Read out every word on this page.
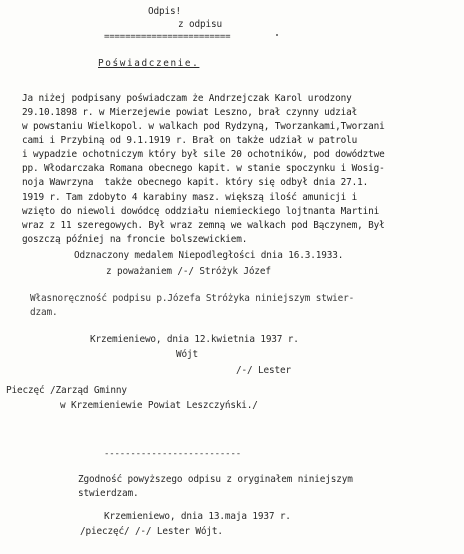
Odpis!
z odpisu
========================
Poświadczenie.
Ja niżej podpisany poświadczam że Andrzejczak Karol urodzony
29.10.1898 r. w Mierzejewie powiat Leszno, brał czynny udział
w powstaniu Wielkopol. w walkach pod Rydzyną, Tworzankami,Tworzani
cami i Przybiną od 9.1.1919 r. Brał on także udział w patrolu
i wypadzie ochotniczym który był sile 20 ochotników, pod dowództwe
pp. Włodarczaka Romana obecnego kapit. w stanie spoczynku i Wosig-
noja Wawrzyna  także obecnego kapit. który się odbył dnia 27.1.
1919 r. Tam zdobyto 4 karabiny masz. większą ilość amunicji i
wzięto do niewoli dowódcę oddziału niemieckiego lojtnanta Martini
wraz z 11 szeregowych. Był wraz zemną we walkach pod Bączynem, Był
goszczą później na froncie bolszewickiem.
Odznaczony medalem Niepodległości dnia 16.3.1933.
z poważaniem /-/ Stróżyk Józef
Własnoręczność podpisu p.Józefa Stróżyka niniejszym stwier-
dzam.
Krzemieniewo, dnia 12.kwietnia 1937 r.
Wójt
/-/ Lester
Pieczęć /Zarząd Gminny
w Krzemieniewie Powiat Leszczyński./
--------------------------
Zgodność powyższego odpisu z oryginałem niniejszym
stwierdzam.
Krzemieniewo, dnia 13.maja 1937 r.
/pieczęć/ /-/ Lester Wójt.
